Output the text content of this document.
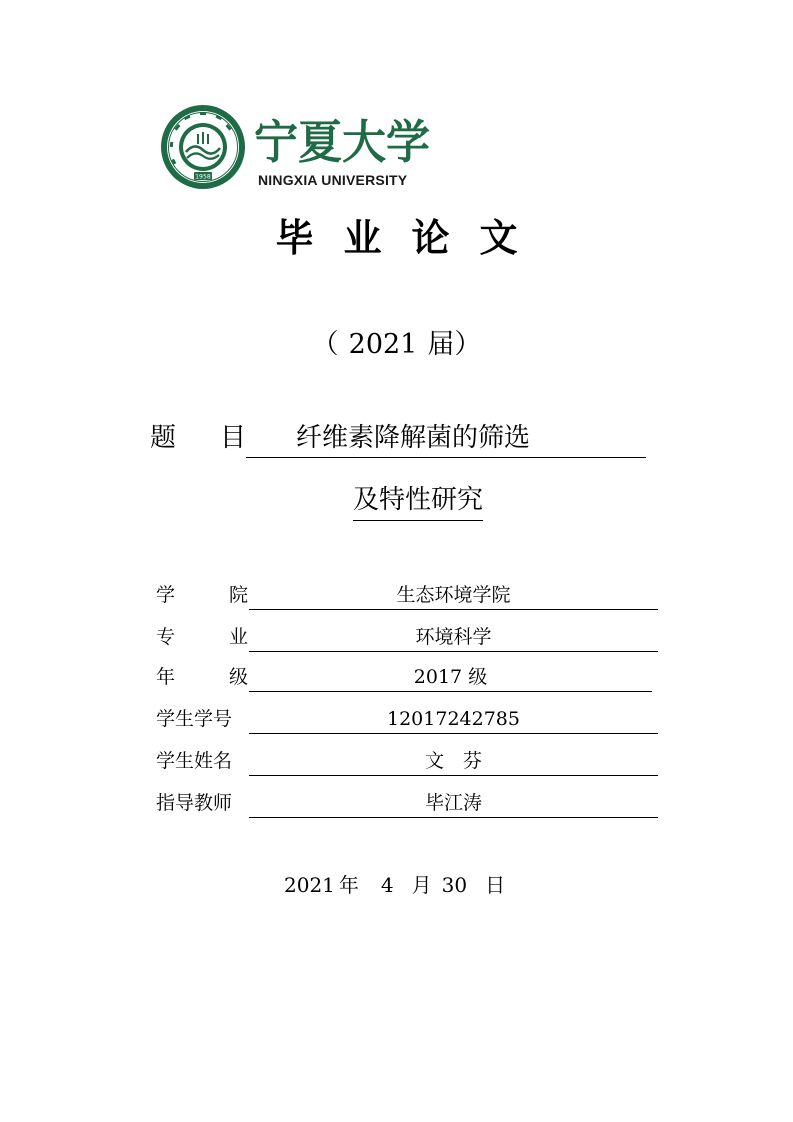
1958
宁夏大学
NINGXIA UNIVERSITY
毕业论文
（ 2021 届）
题 目	纤维素降解菌的筛选
及特性研究
学	院	生态环境学院
专	业	环境科学
年	级	2017 级
学生学号	12017242785
学生姓名	文　芬
指导教师	毕江涛
2021 年 4 月 30 日
